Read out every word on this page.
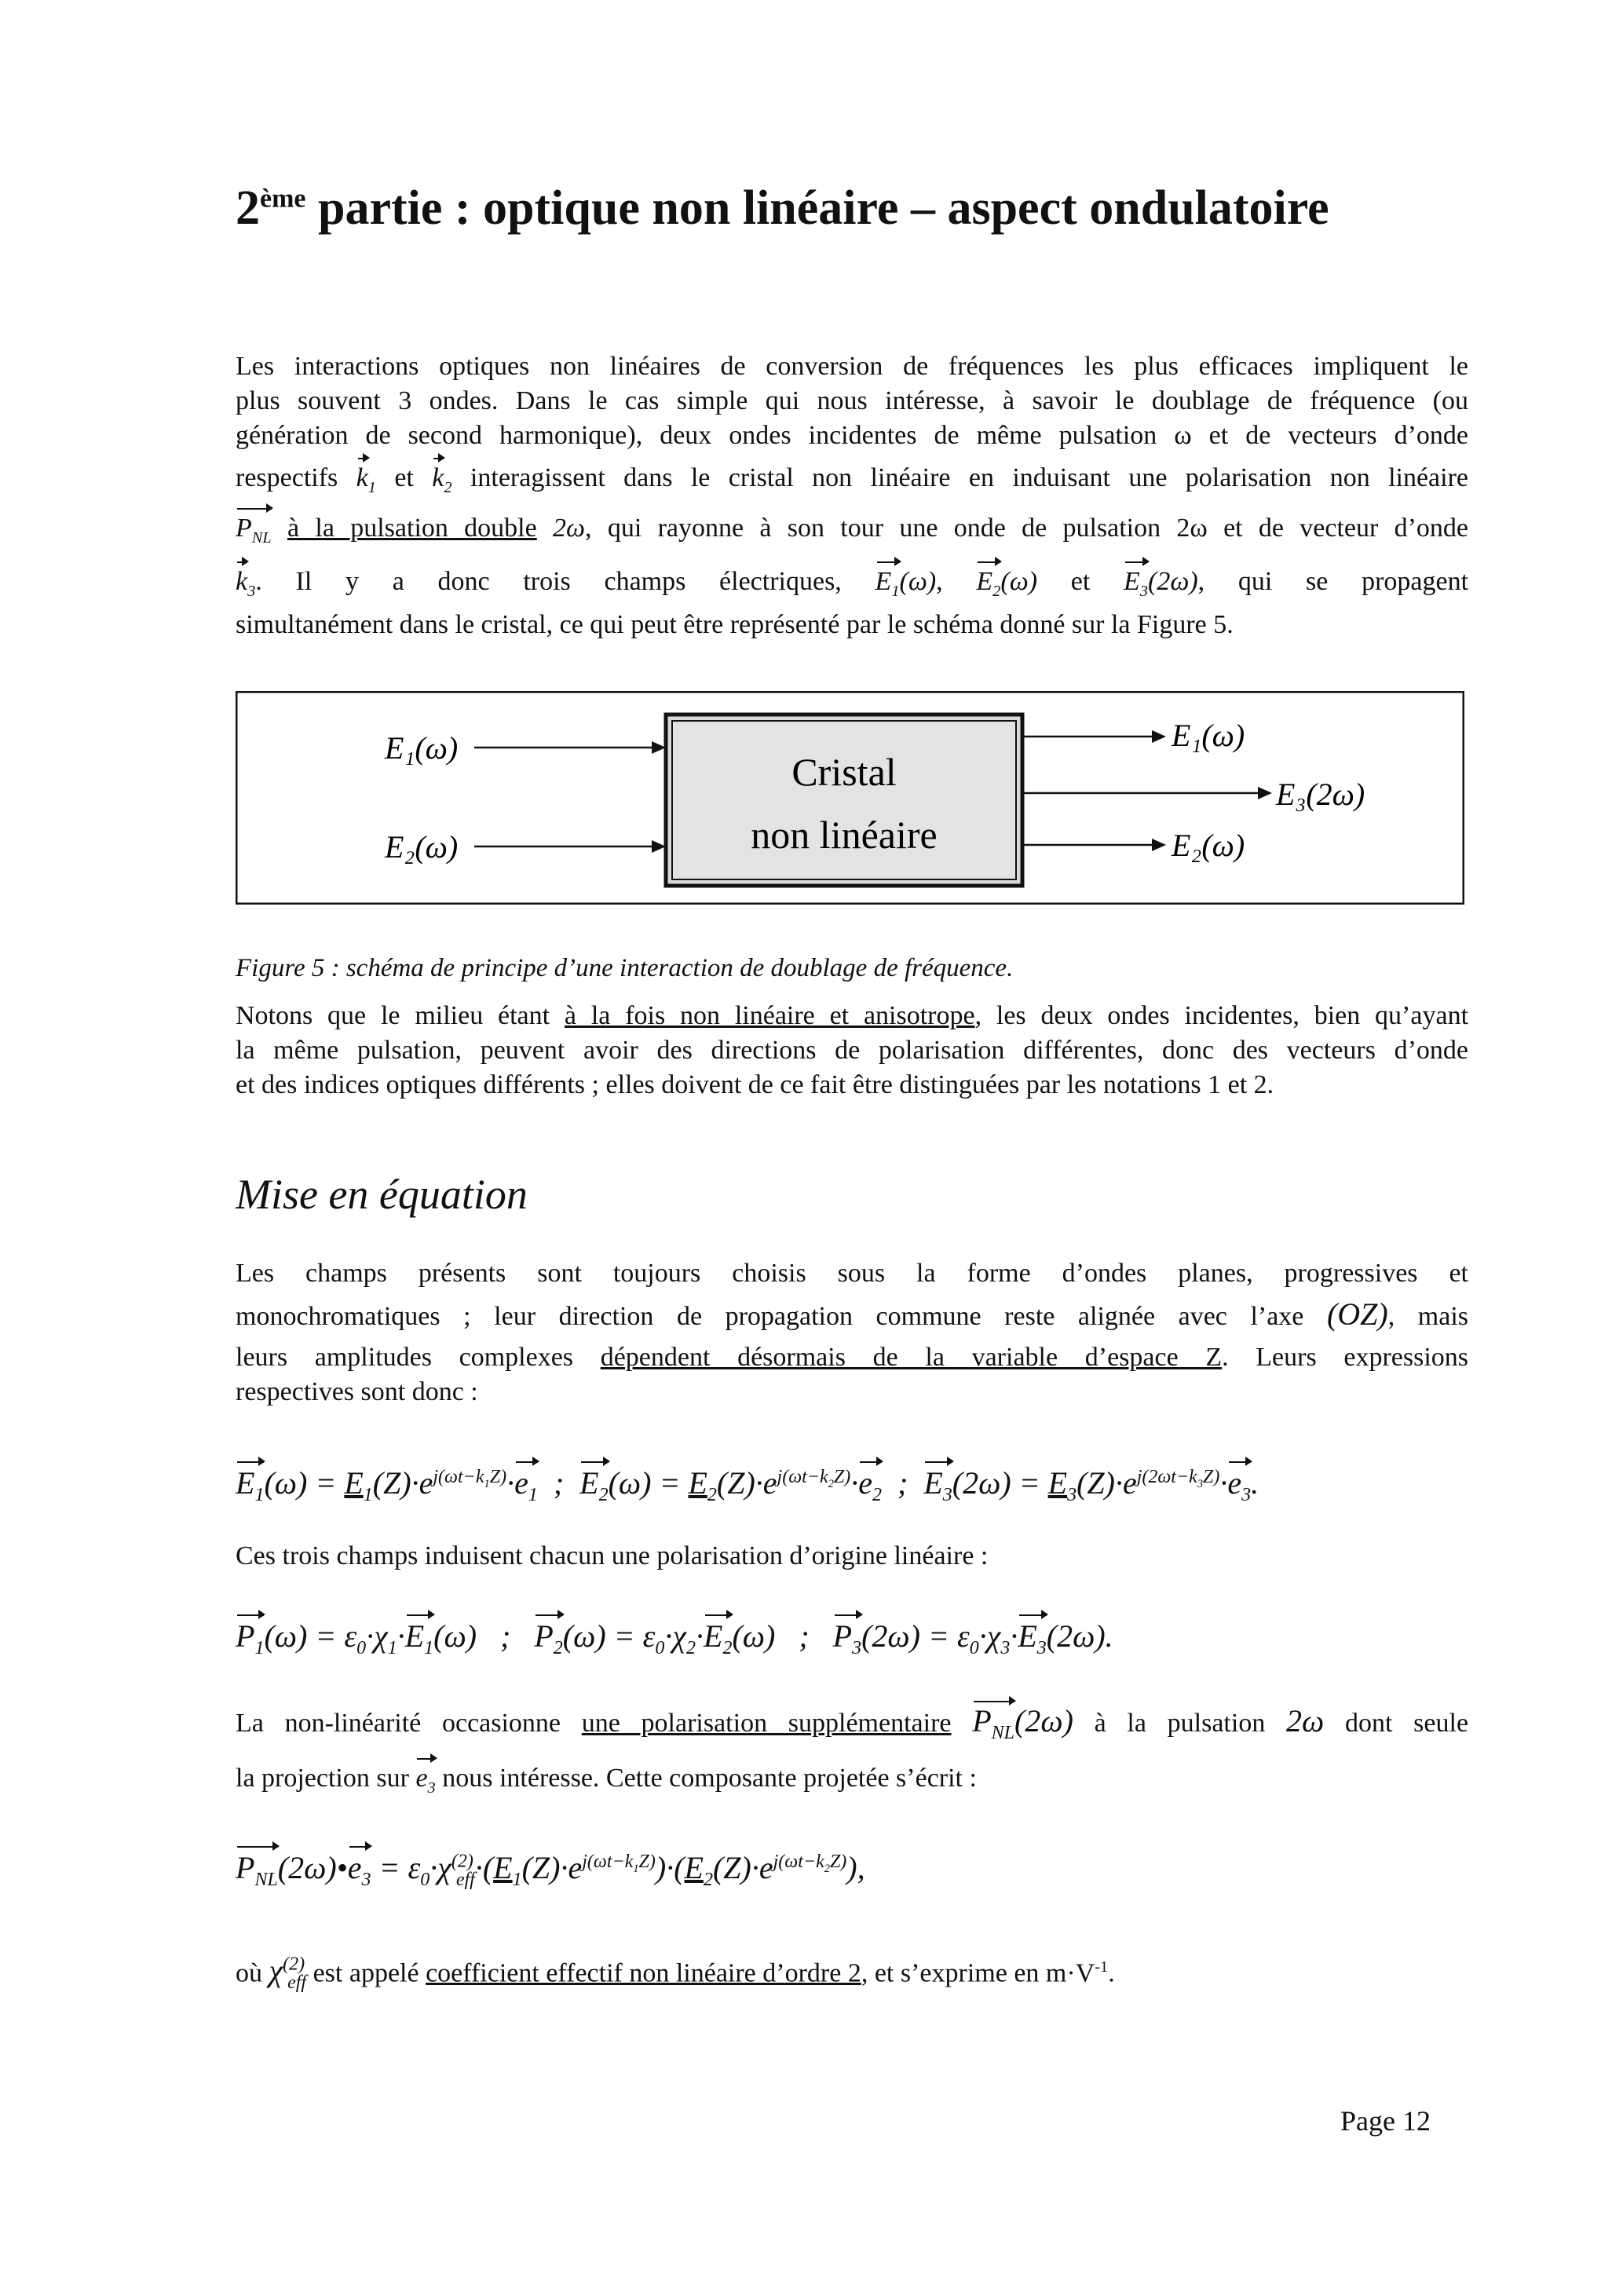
2ème partie : optique non linéaire – aspect ondulatoire
Les interactions optiques non linéaires de conversion de fréquences les plus efficaces impliquent le
plus souvent 3 ondes. Dans le cas simple qui nous intéresse, à savoir le doublage de fréquence (ou
génération de second harmonique), deux ondes incidentes de même pulsation ω et de vecteurs d’onde
respectifs $k_1$ et $k_2$ interagissent dans le cristal non linéaire en induisant une polarisation non linéaire
$P_{NL}$ à la pulsation double 2ω, qui rayonne à son tour une onde de pulsation 2ω et de vecteur d’onde
$k_3$. Il y a donc trois champs électriques, $E_1(\omega)$, $E_2(\omega)$ et $E_3(2\omega)$, qui se propagent
simultanément dans le cristal, ce qui peut être représenté par le schéma donné sur la Figure 5.
Cristal
non linéaire
E₁(ω)
E₂(ω)
E₁(ω)
E₃(2ω)
E₂(ω)
Figure 5 : schéma de principe d’une interaction de doublage de fréquence.
Notons que le milieu étant à la fois non linéaire et anisotrope, les deux ondes incidentes, bien qu’ayant
la même pulsation, peuvent avoir des directions de polarisation différentes, donc des vecteurs d’onde
et des indices optiques différents ; elles doivent de ce fait être distinguées par les notations 1 et 2.
Mise en équation
Les champs présents sont toujours choisis sous la forme d’ondes planes, progressives et
monochromatiques ; leur direction de propagation commune reste alignée avec l’axe (OZ), mais
leurs amplitudes complexes dépendent désormais de la variable d’espace Z. Leurs expressions
respectives sont donc :
$E_1(\omega) = E_1(Z)\cdot e^{j(\omega t-k_1Z)}\cdot e_1$  ;  $E_2(\omega) = E_2(Z)\cdot e^{j(\omega t-k_2Z)}\cdot e_2$  ;  $E_3(2\omega) = E_3(Z)\cdot e^{j(2\omega t-k_3Z)}\cdot e_3$.
Ces trois champs induisent chacun une polarisation d’origine linéaire :
$P_1(\omega) = \varepsilon_0\cdot\chi_1\cdot E_1(\omega)$   ;   $P_2(\omega) = \varepsilon_0\cdot\chi_2\cdot E_2(\omega)$   ;   $P_3(2\omega) = \varepsilon_0\cdot\chi_3\cdot E_3(2\omega)$.
La non-linéarité occasionne une polarisation supplémentaire $P_{NL}(2\omega)$ à la pulsation 2ω dont seule
la projection sur $e_3$ nous intéresse. Cette composante projetée s’écrit :
$P_{NL}(2\omega)•e_3 = \varepsilon_0\cdot\chi^{(2)}_{eff}\cdot(E_1(Z)\cdot e^{j(\omega t-k_1Z)})\cdot(E_2(Z)\cdot e^{j(\omega t-k_2Z)})$,
où $\chi^{(2)}_{eff}$ est appelé coefficient effectif non linéaire d’ordre 2, et s’exprime en $m\cdot V^{-1}$.
Page 12
